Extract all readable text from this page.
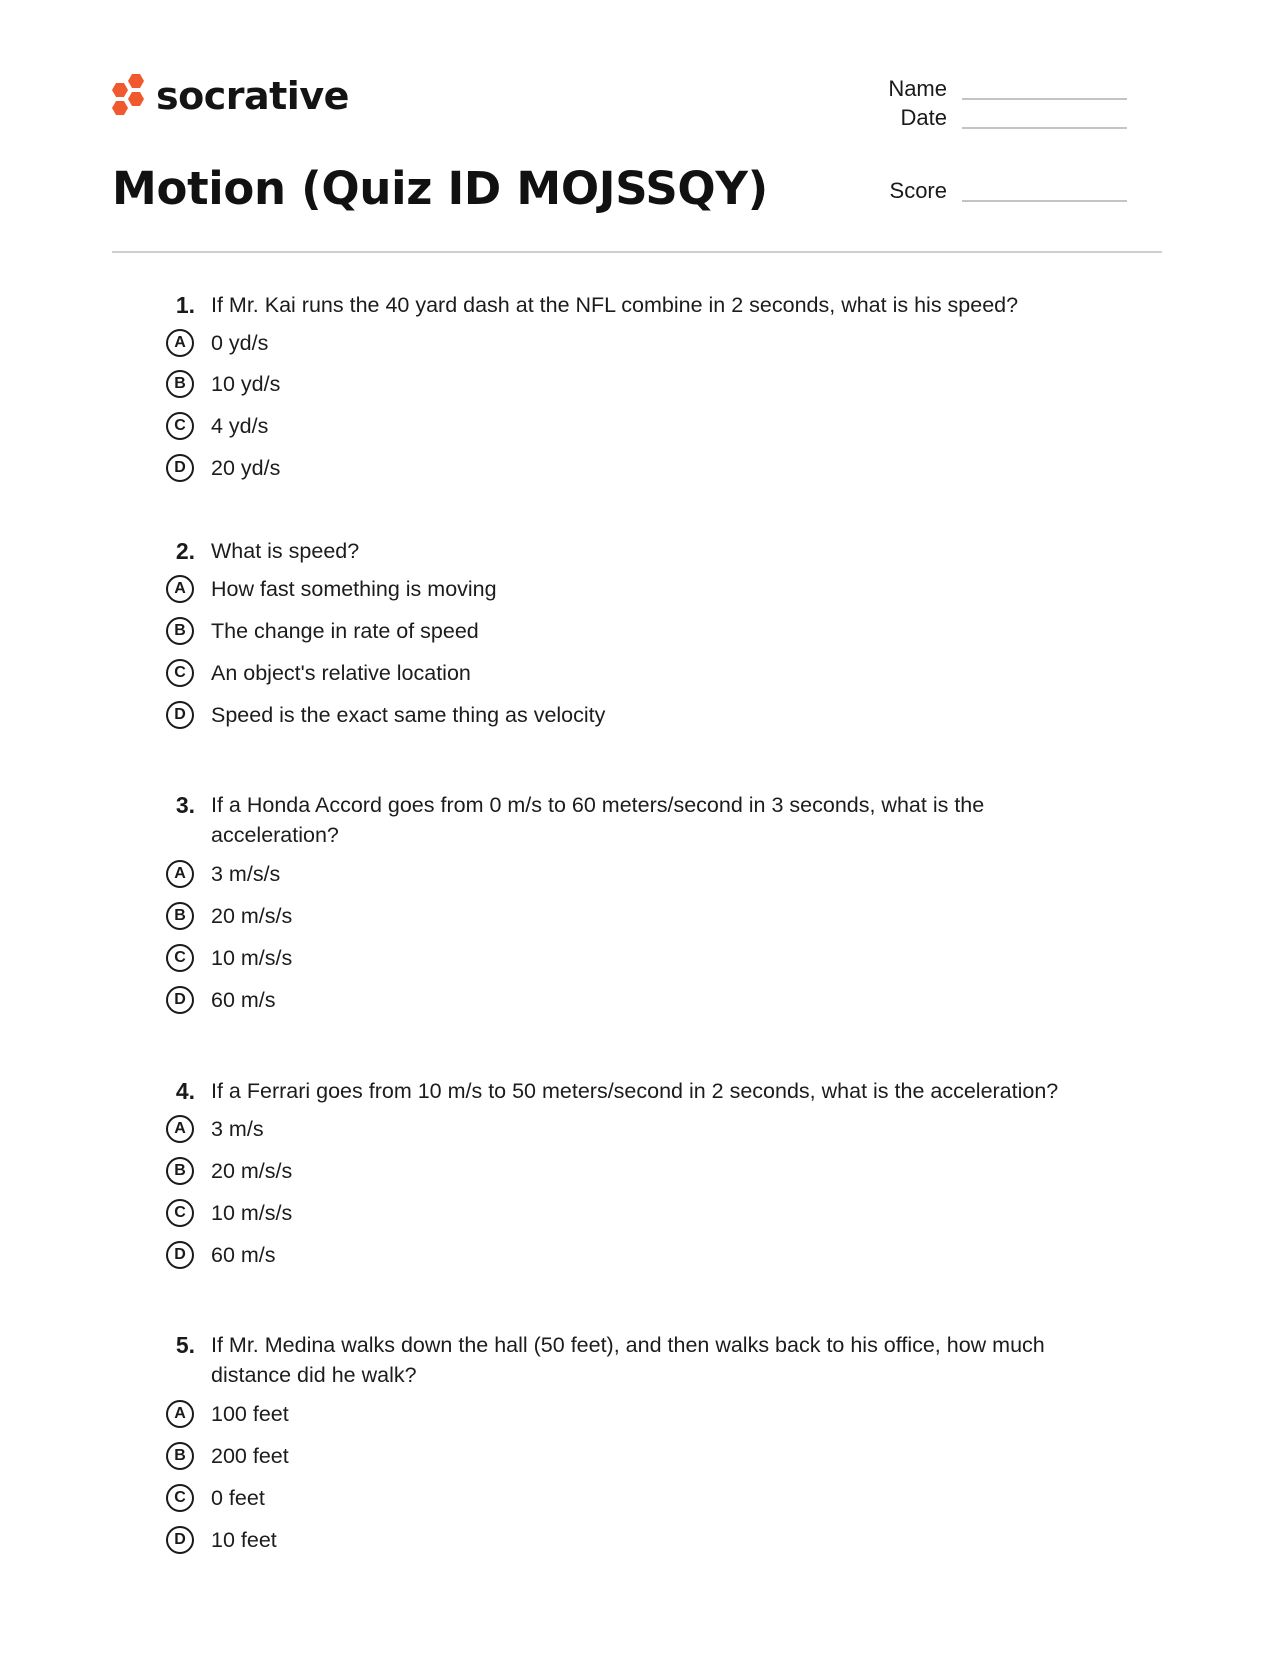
socrative
Motion (Quiz ID MOJSSQY)
Name
Date
Score
1. If Mr. Kai runs the 40 yard dash at the NFL combine in 2 seconds, what is his speed?
A	0 yd/s
B	10 yd/s
C	4 yd/s
D	20 yd/s
2. What is speed?
A	How fast something is moving
B	The change in rate of speed
C	An object's relative location
D	Speed is the exact same thing as velocity
3. If a Honda Accord goes from 0 m/s to 60 meters/second in 3 seconds, what is the acceleration?
A	3 m/s/s
B	20 m/s/s
C	10 m/s/s
D	60 m/s
4. If a Ferrari goes from 10 m/s to 50 meters/second in 2 seconds, what is the acceleration?
A	3 m/s
B	20 m/s/s
C	10 m/s/s
D	60 m/s
5. If Mr. Medina walks down the hall (50 feet), and then walks back to his office, how much distance did he walk?
A	100 feet
B	200 feet
C	0 feet
D	10 feet
